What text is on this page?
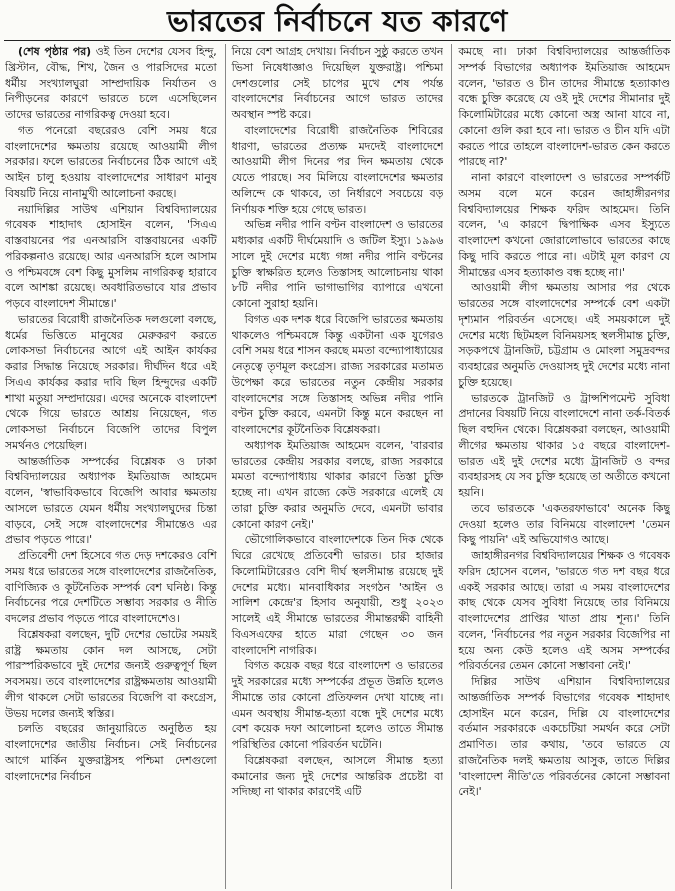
ভারতের নির্বাচনে যত কারণে

(শেষ পৃষ্ঠার পর) ওই তিন দেশের যেসব হিন্দু, খ্রিস্টান, বৌদ্ধ, শিখ, জৈন ও পারসিদের মতো ধর্মীয় সংখ্যালঘুরা সাম্প্রদায়িক নির্যাতন ও নিপীড়নের কারণে ভারতে চলে এসেছিলেন তাদের ভারতের নাগরিকত্ব দেওয়া হবে।

গত পনেরো বছরেরও বেশি সময় ধরে বাংলাদেশের ক্ষমতায় রয়েছে আওয়ামী লীগ সরকার। ফলে ভারতের নির্বাচনের ঠিক আগে এই আইন চালু হওয়ায় বাংলাদেশের সাধারণ মানুষ বিষয়টি নিয়ে নানামুখী আলোচনা করছে।

নয়াদিল্লির সাউথ এশিয়ান বিশ্ববিদ্যালয়ের গবেষক শাহাদাৎ হোসাইন বলেন, 'সিএএ বাস্তবায়নের পর এনআরসি বাস্তবায়নের একটি পরিকল্পনাও রয়েছে। আর এনআরসি হলে আসাম ও পশ্চিমবঙ্গে বেশ কিছু মুসলিম নাগরিকত্ব হারাবে বলে আশঙ্কা রয়েছে। অবধারিতভাবে যার প্রভাব পড়বে বাংলাদেশ সীমান্তে।'

ভারতের বিরোধী রাজনৈতিক দলগুলো বলছে, ধর্মের ভিত্তিতে মানুষের মেরুকরণ করতে লোকসভা নির্বাচনের আগে এই আইন কার্যকর করার সিদ্ধান্ত নিয়েছে সরকার। দীর্ঘদিন ধরে এই সিএএ কার্যকর করার দাবি ছিল হিন্দুদের একটি শাখা মতুয়া সম্প্রদায়ের। এদের অনেকে বাংলাদেশ থেকে গিয়ে ভারতে আশ্রয় নিয়েছেন, গত লোকসভা নির্বাচনে বিজেপি তাদের বিপুল সমর্থনও পেয়েছিল।

আন্তর্জাতিক সম্পর্কের বিশ্লেষক ও ঢাকা বিশ্ববিদ্যালয়ের অধ্যাপক ইমতিয়াজ আহমেদ বলেন, 'স্বাভাবিকভাবে বিজেপি আবার ক্ষমতায় আসলে ভারতে যেমন ধর্মীয় সংখ্যালঘুদের চিন্তা বাড়বে, সেই সঙ্গে বাংলাদেশের সীমান্তেও এর প্রভাব পড়তে পারে।'

প্রতিবেশী দেশ হিসেবে গত দেড় দশকেরও বেশি সময় ধরে ভারতের সঙ্গে বাংলাদেশের রাজনৈতিক, বাণিজ্যিক ও কূটনৈতিক সম্পর্ক বেশ ঘনিষ্ঠ। কিন্তু নির্বাচনের পরে দেশটিতে সম্ভাব্য সরকার ও নীতি বদলের প্রভাব পড়তে পারে বাংলাদেশেও।

বিশ্লেষকরা বলছেন, দুটি দেশের ভোটের সময়ই রাষ্ট্র ক্ষমতায় কোন দল আসছে, সেটা পারস্পরিকভাবে দুই দেশের জন্যই গুরুত্বপূর্ণ ছিল সবসময়। তবে বাংলাদেশের রাষ্ট্রক্ষমতায় আওয়ামী লীগ থাকলে সেটা ভারতের বিজেপি বা কংগ্রেস, উভয় দলের জন্যই স্বস্তির।

চলতি বছরের জানুয়ারিতে অনুষ্ঠিত হয় বাংলাদেশের জাতীয় নির্বাচন। সেই নির্বাচনের আগে মার্কিন যুক্তরাষ্ট্রসহ পশ্চিমা দেশগুলো বাংলাদেশের নির্বাচন

নিয়ে বেশ আগ্রহ দেখায়। নির্বাচন সুষ্ঠু করতে তখন ভিসা নিষেধাজ্ঞাও দিয়েছিল যুক্তরাষ্ট্র। পশ্চিমা দেশগুলোর সেই চাপের মুখে শেষ পর্যন্ত বাংলাদেশের নির্বাচনের আগে ভারত তাদের অবস্থান স্পষ্ট করে।

বাংলাদেশের বিরোধী রাজনৈতিক শিবিরের ধারণা, ভারতের প্রত্যক্ষ মদদেই বাংলাদেশে আওয়ামী লীগ দিনের পর দিন ক্ষমতায় থেকে যেতে পারছে। সব মিলিয়ে বাংলাদেশের ক্ষমতার অলিন্দে কে থাকবে, তা নির্ধারণে সবচেয়ে বড় নির্ণায়ক শক্তি হয়ে গেছে ভারত।

অভিন্ন নদীর পানি বণ্টন বাংলাদেশ ও ভারতের মধ্যকার একটি দীর্ঘমেয়াদি ও জটিল ইস্যু। ১৯৯৬ সালে দুই দেশের মধ্যে গঙ্গা নদীর পানি বণ্টনের চুক্তি স্বাক্ষরিত হলেও তিস্তাসহ আলোচনায় থাকা ৮টি নদীর পানি ভাগাভাগির ব্যাপারে এখনো কোনো সুরাহা হয়নি।

বিগত এক দশক ধরে বিজেপি ভারতের ক্ষমতায় থাকলেও পশ্চিমবঙ্গে কিন্তু একটানা এক যুগেরও বেশি সময় ধরে শাসন করছে মমতা বন্দ্যোপাধ্যায়ের নেতৃত্বে তৃণমূল কংগ্রেস। রাজ্য সরকারের মতামত উপেক্ষা করে ভারতের নতুন কেন্দ্রীয় সরকার বাংলাদেশের সঙ্গে তিস্তাসহ অভিন্ন নদীর পানি বণ্টন চুক্তি করবে, এমনটা কিন্তু মনে করছেন না বাংলাদেশের কূটনৈতিক বিশ্লেষকরা।

অধ্যাপক ইমতিয়াজ আহমেদ বলেন, 'বারবার ভারতের কেন্দ্রীয় সরকার বলছে, রাজ্য সরকারে মমতা বন্দ্যোপাধ্যায় থাকার কারণে তিস্তা চুক্তি হচ্ছে না। এখন রাজ্যে কেউ সরকারে এলেই যে তারা চুক্তি করার অনুমতি দেবে, এমনটা ভাবার কোনো কারণ নেই।'

ভৌগোলিকভাবে বাংলাদেশকে তিন দিক থেকে ঘিরে রেখেছে প্রতিবেশী ভারত। চার হাজার কিলোমিটারেরও বেশি দীর্ঘ স্থলসীমান্ত রয়েছে দুই দেশের মধ্যে। মানবাধিকার সংগঠন 'আইন ও সালিশ কেন্দ্রে'র হিসাব অনুযায়ী, শুধু ২০২৩ সালেই এই সীমান্তে ভারতের সীমান্তরক্ষী বাহিনী বিএসএফের হাতে মারা গেছেন ৩০ জন বাংলাদেশি নাগরিক।

বিগত কয়েক বছর ধরে বাংলাদেশ ও ভারতের দুই সরকারের মধ্যে সম্পর্কের প্রভূত উন্নতি হলেও সীমান্তে তার কোনো প্রতিফলন দেখা যাচ্ছে না। এমন অবস্থায় সীমান্ত-হত্যা বন্ধে দুই দেশের মধ্যে বেশ কয়েক দফা আলোচনা হলেও তাতে সীমান্ত পরিস্থিতির কোনো পরিবর্তন ঘটেনি।

বিশ্লেষকরা বলছেন, আসলে সীমান্ত হত্যা কমানোর জন্য দুই দেশের আন্তরিক প্রচেষ্টা বা সদিচ্ছা না থাকার কারণেই এটি

কমছে না। ঢাকা বিশ্ববিদ্যালয়ের আন্তর্জাতিক সম্পর্ক বিভাগের অধ্যাপক ইমতিয়াজ আহমেদ বলেন, 'ভারত ও চীন তাদের সীমান্তে হত্যাকাণ্ড বন্ধে চুক্তি করেছে যে ওই দুই দেশের সীমানার দুই কিলোমিটারের মধ্যে কোনো অস্ত্র আনা যাবে না, কোনো গুলি করা হবে না। ভারত ও চীন যদি এটা করতে পারে তাহলে বাংলাদেশ-ভারত কেন করতে পারছে না?'

নানা কারণে বাংলাদেশ ও ভারতের সম্পর্কটি অসম বলে মনে করেন জাহাঙ্গীরনগর বিশ্ববিদ্যালয়ের শিক্ষক ফরিদ আহমেদ। তিনি বলেন, 'এ কারণে দ্বিপাক্ষিক এসব ইস্যুতে বাংলাদেশ কখনো জোরালোভাবে ভারতের কাছে কিছু দাবি করতে পারে না। এটাই মূল কারণ যে সীমান্তের এসব হত্যাকাণ্ড বন্ধ হচ্ছে না।'

আওয়ামী লীগ ক্ষমতায় আসার পর থেকে ভারতের সঙ্গে বাংলাদেশের সম্পর্কে বেশ একটা দৃশ্যমান পরিবর্তন এসেছে। এই সময়কালে দুই দেশের মধ্যে ছিটমহল বিনিময়সহ স্থলসীমান্ত চুক্তি, সড়কপথে ট্রানজিট, চট্টগ্রাম ও মোংলা সমুদ্রবন্দর ব্যবহারের অনুমতি দেওয়াসহ দুই দেশের মধ্যে নানা চুক্তি হয়েছে।

ভারতকে ট্রানজিট ও ট্রান্সশিপমেন্ট সুবিধা প্রদানের বিষয়টি নিয়ে বাংলাদেশে নানা তর্ক-বিতর্ক ছিল বহুদিন থেকে। বিশ্লেষকরা বলছেন, আওয়ামী লীগের ক্ষমতায় থাকার ১৫ বছরে বাংলাদেশ-ভারত এই দুই দেশের মধ্যে ট্রানজিট ও বন্দর ব্যবহারসহ যে সব চুক্তি হয়েছে তা অতীতে কখনো হয়নি।

তবে ভারতকে 'একতরফাভাবে' অনেক কিছু দেওয়া হলেও তার বিনিময়ে বাংলাদেশ 'তেমন কিছু পায়নি' এই অভিযোগও আছে।

জাহাঙ্গীরনগর বিশ্ববিদ্যালয়ের শিক্ষক ও গবেষক ফরিদ হোসেন বলেন, 'ভারতে গত দশ বছর ধরে একই সরকার আছে। তারা এ সময় বাংলাদেশের কাছ থেকে যেসব সুবিধা নিয়েছে তার বিনিময়ে বাংলাদেশের প্রাপ্তির খাতা প্রায় শূন্য।' তিনি বলেন, 'নির্বাচনের পর নতুন সরকার বিজেপির না হয়ে অন্য কেউ হলেও এই অসম সম্পর্কের পরিবর্তনের তেমন কোনো সম্ভাবনা নেই।'

দিল্লির সাউথ এশিয়ান বিশ্ববিদ্যালয়ের আন্তর্জাতিক সম্পর্ক বিভাগের গবেষক শাহাদাৎ হোসাইন মনে করেন, দিল্লি যে বাংলাদেশের বর্তমান সরকারকে একচেটিয়া সমর্থন করে সেটা প্রমাণিত। তার কথায়, 'তবে ভারতে যে রাজনৈতিক দলই ক্ষমতায় আসুক, তাতে দিল্লির 'বাংলাদেশ নীতি'তে পরিবর্তনের কোনো সম্ভাবনা নেই।'
